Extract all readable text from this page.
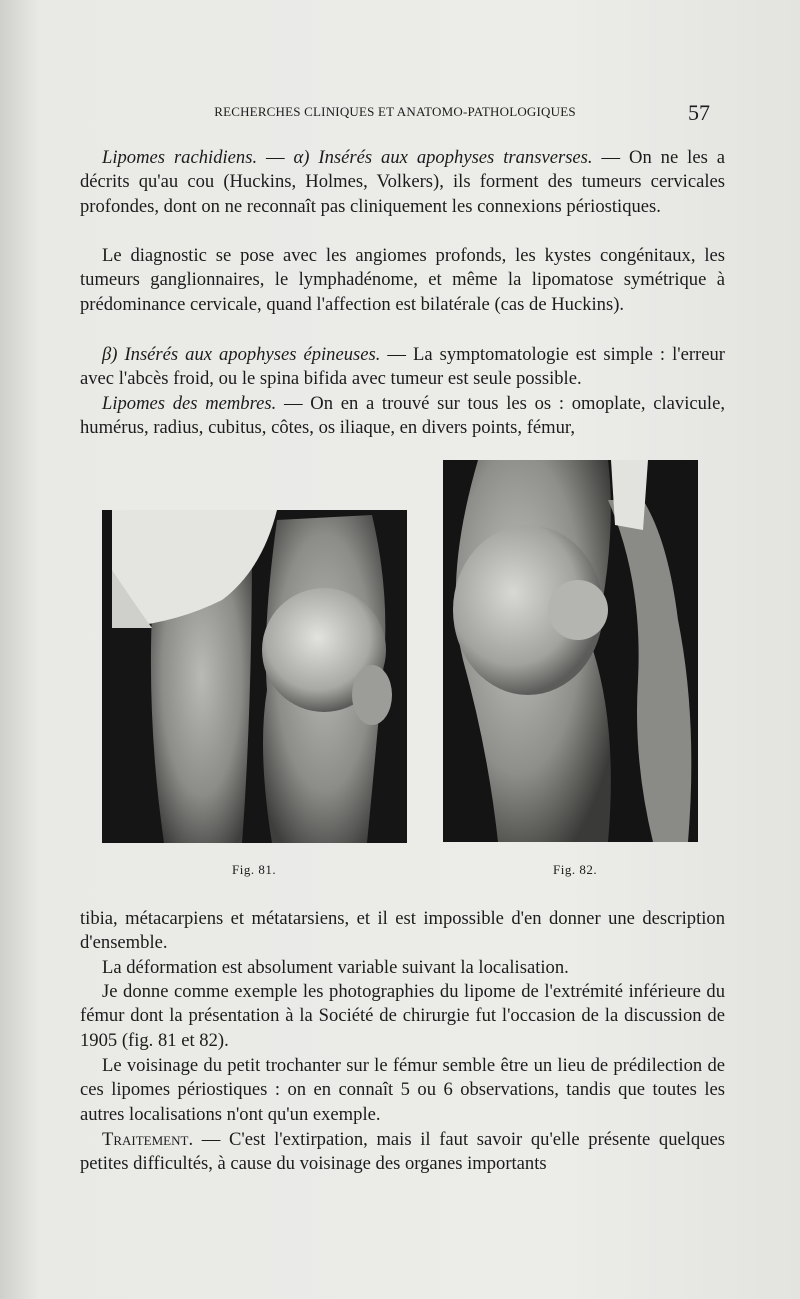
RECHERCHES CLINIQUES ET ANATOMO-PATHOLOGIQUES	57
Lipomes rachidiens. — α) Insérés aux apophyses transverses. — On ne les a décrits qu'au cou (Huckins, Holmes, Volkers), ils forment des tumeurs cervicales profondes, dont on ne reconnaît pas cliniquement les connexions périostiques.
Le diagnostic se pose avec les angiomes profonds, les kystes congénitaux, les tumeurs ganglionnaires, le lymphadénome, et même la lipomatose symétrique à prédominance cervicale, quand l'affection est bilatérale (cas de Huckins).
β) Insérés aux apophyses épineuses. — La symptomatologie est simple : l'erreur avec l'abcès froid, ou le spina bifida avec tumeur est seule possible.
Lipomes des membres. — On en a trouvé sur tous les os : omoplate, clavicule, humérus, radius, cubitus, côtes, os iliaque, en divers points, fémur,
Fig. 81.	Fig. 82.
tibia, métacarpiens et métatarsiens, et il est impossible d'en donner une description d'ensemble.
La déformation est absolument variable suivant la localisation.
Je donne comme exemple les photographies du lipome de l'extrémité inférieure du fémur dont la présentation à la Société de chirurgie fut l'occasion de la discussion de 1905 (fig. 81 et 82).
Le voisinage du petit trochanter sur le fémur semble être un lieu de prédilection de ces lipomes périostiques : on en connaît 5 ou 6 observations, tandis que toutes les autres localisations n'ont qu'un exemple.
Traitement. — C'est l'extirpation, mais il faut savoir qu'elle présente quelques petites difficultés, à cause du voisinage des organes importants
